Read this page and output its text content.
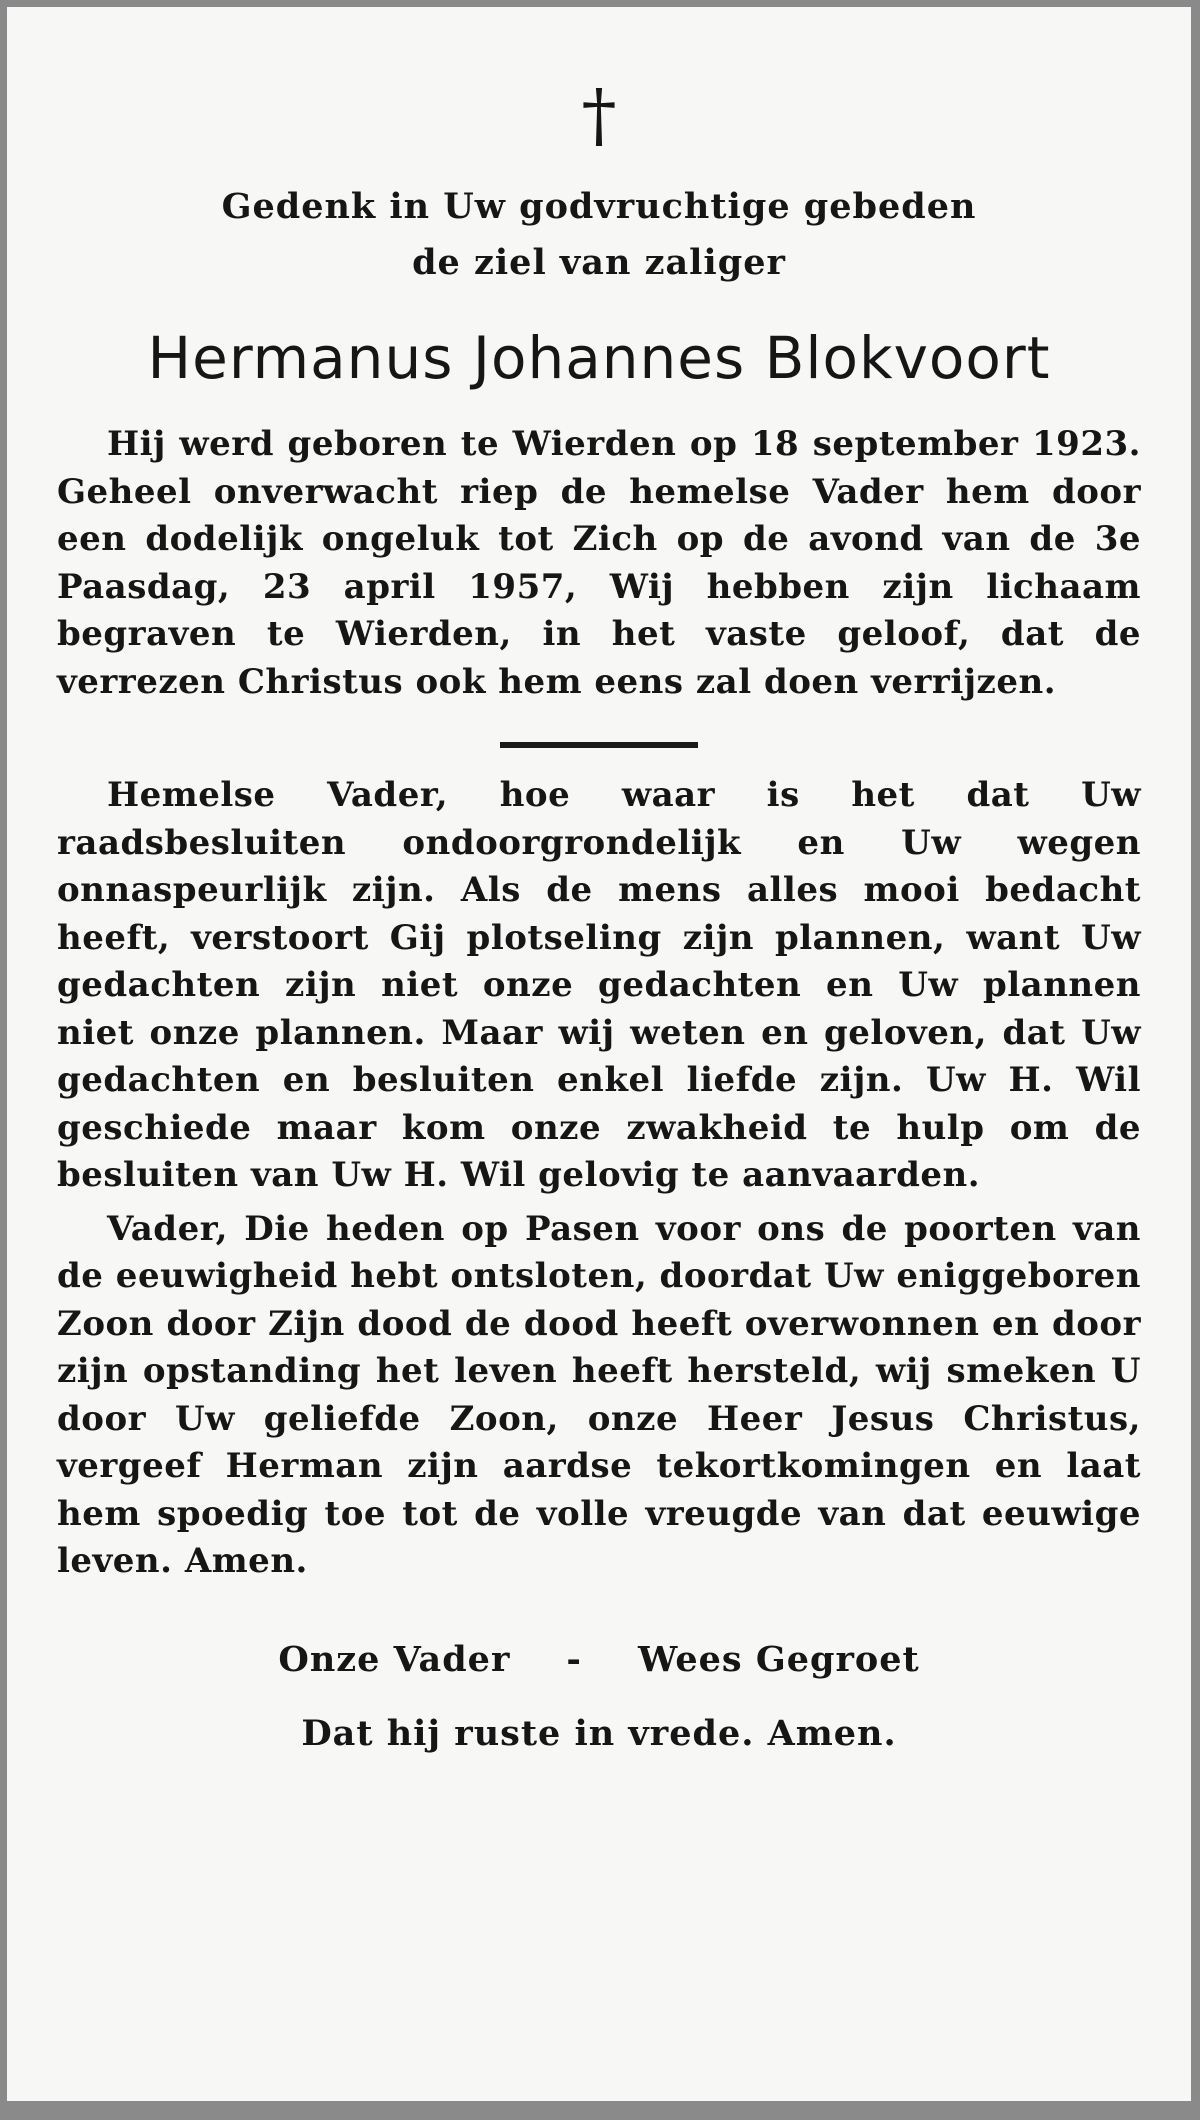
†
Gedenk in Uw godvruchtige gebeden
de ziel van zaliger
Hermanus Johannes Blokvoort

Hij werd geboren te Wierden op 18 september 1923. Geheel onverwacht riep de hemelse Vader hem door een dodelijk ongeluk tot Zich op de avond van de 3e Paasdag, 23 april 1957, Wij hebben zijn lichaam begraven te Wierden, in het vaste geloof, dat de verrezen Christus ook hem eens zal doen verrijzen.

Hemelse Vader, hoe waar is het dat Uw raadsbesluiten ondoorgrondelijk en Uw wegen onnaspeurlijk zijn. Als de mens alles mooi bedacht heeft, verstoort Gij plotseling zijn plannen, want Uw gedachten zijn niet onze gedachten en Uw plannen niet onze plannen. Maar wij weten en geloven, dat Uw gedachten en besluiten enkel liefde zijn. Uw H. Wil geschiede maar kom onze zwakheid te hulp om de besluiten van Uw H. Wil gelovig te aanvaarden.

Vader, Die heden op Pasen voor ons de poorten van de eeuwigheid hebt ontsloten, doordat Uw eniggeboren Zoon door Zijn dood de dood heeft overwonnen en door zijn opstanding het leven heeft hersteld, wij smeken U door Uw geliefde Zoon, onze Heer Jesus Christus, vergeef Herman zijn aardse tekortkomingen en laat hem spoedig toe tot de volle vreugde van dat eeuwige leven. Amen.

Onze Vader - Wees Gegroet
Dat hij ruste in vrede. Amen.
